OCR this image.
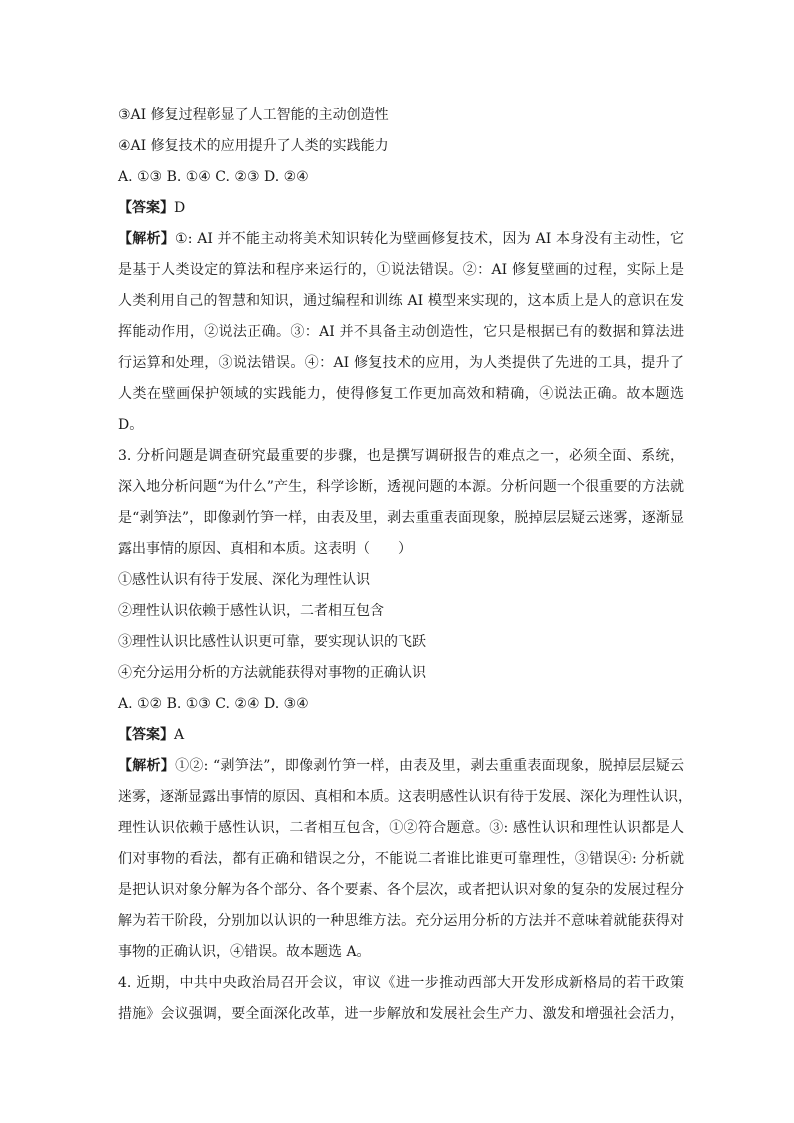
③AI 修复过程彰显了人工智能的主动创造性
④AI 修复技术的应用提升了人类的实践能力
A. ①③ B. ①④ C. ②③ D. ②④
【答案】D
【解析】①: AI 并不能主动将美术知识转化为壁画修复技术，因为 AI 本身没有主动性，它
是基于人类设定的算法和程序来运行的，①说法错误。②：AI 修复壁画的过程，实际上是
人类利用自己的智慧和知识，通过编程和训练 AI 模型来实现的，这本质上是人的意识在发
挥能动作用，②说法正确。③：AI 并不具备主动创造性，它只是根据已有的数据和算法进
行运算和处理，③说法错误。④：AI 修复技术的应用，为人类提供了先进的工具，提升了
人类在壁画保护领域的实践能力，使得修复工作更加高效和精确，④说法正确。故本题选
D。
3. 分析问题是调查研究最重要的步骤，也是撰写调研报告的难点之一，必须全面、系统，
深入地分析问题“为什么”产生，科学诊断，透视问题的本源。分析问题一个很重要的方法就
是“剥笋法”，即像剥竹笋一样，由表及里，剥去重重表面现象，脱掉层层疑云迷雾，逐渐显
露出事情的原因、真相和本质。这表明（　　）
①感性认识有待于发展、深化为理性认识
②理性认识依赖于感性认识，二者相互包含
③理性认识比感性认识更可靠，要实现认识的飞跃
④充分运用分析的方法就能获得对事物的正确认识
A. ①② B. ①③ C. ②④ D. ③④
【答案】A
【解析】①②: “剥笋法”，即像剥竹笋一样，由表及里，剥去重重表面现象，脱掉层层疑云
迷雾，逐渐显露出事情的原因、真相和本质。这表明感性认识有待于发展、深化为理性认识，
理性认识依赖于感性认识，二者相互包含，①②符合题意。③: 感性认识和理性认识都是人
们对事物的看法，都有正确和错误之分，不能说二者谁比谁更可靠理性，③错误④: 分析就
是把认识对象分解为各个部分、各个要素、各个层次，或者把认识对象的复杂的发展过程分
解为若干阶段，分别加以认识的一种思维方法。充分运用分析的方法并不意味着就能获得对
事物的正确认识，④错误。故本题选 A。
4. 近期，中共中央政治局召开会议，审议《进一步推动西部大开发形成新格局的若干政策
措施》会议强调，要全面深化改革，进一步解放和发展社会生产力、激发和增强社会活力，
